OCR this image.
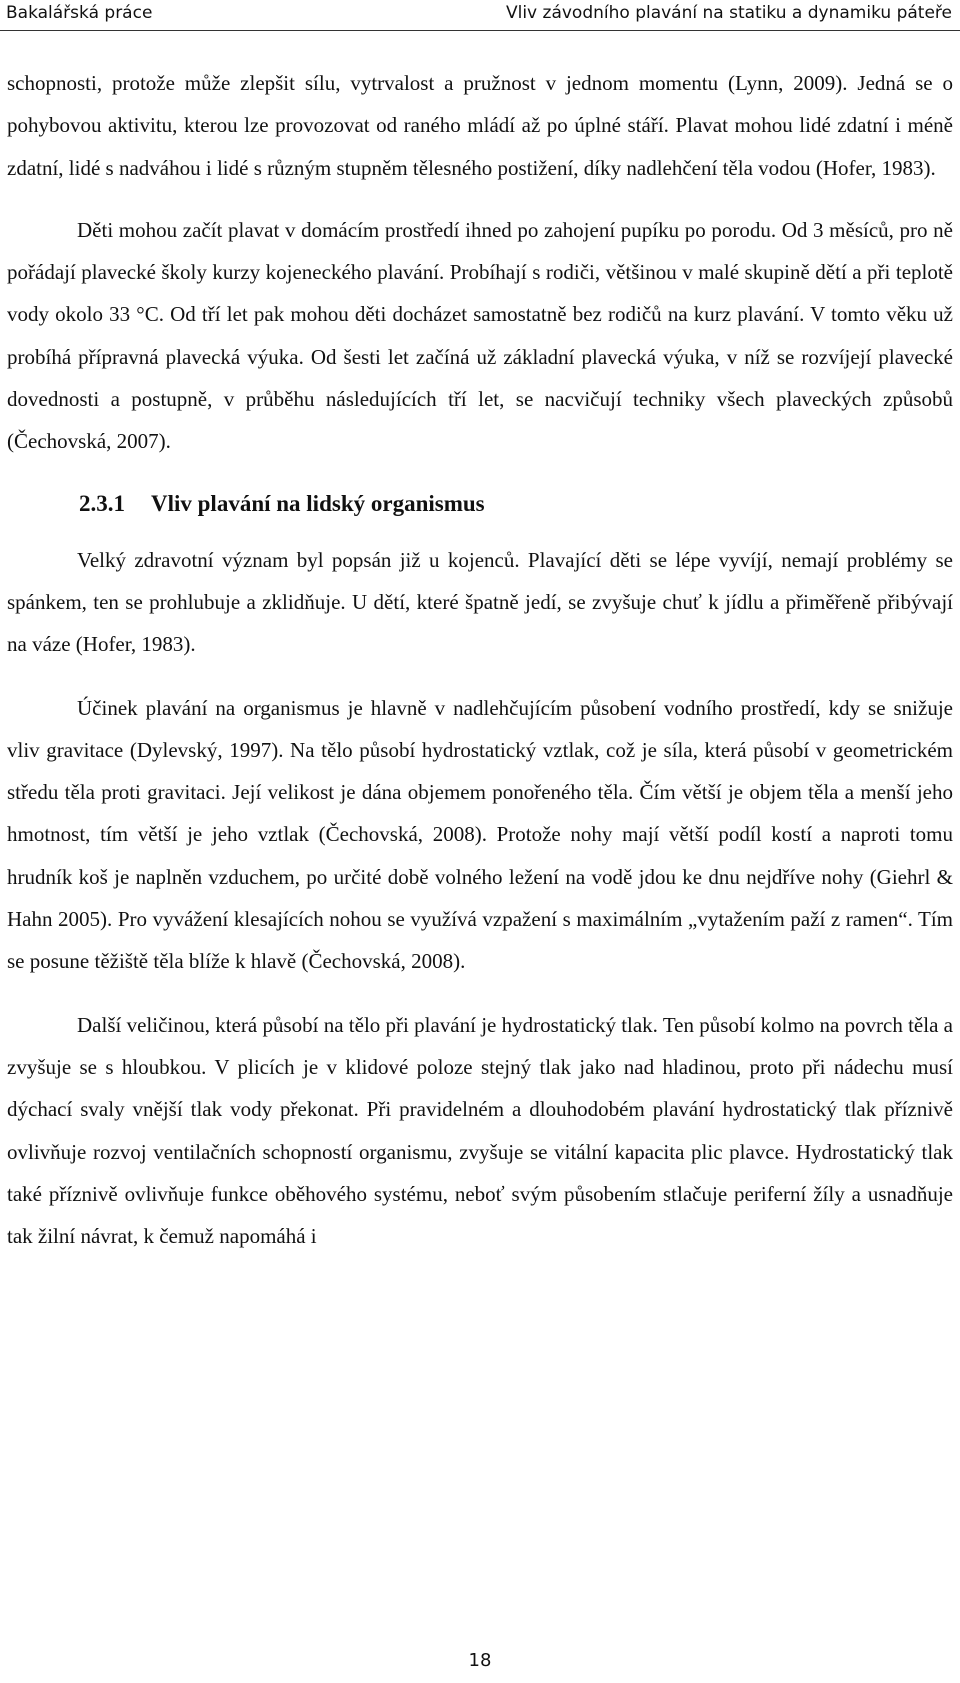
Bakalářská práce	Vliv závodního plavání na statiku a dynamiku páteře

schopnosti, protože může zlepšit sílu, vytrvalost a pružnost v jednom momentu (Lynn, 2009). Jedná se o pohybovou aktivitu, kterou lze provozovat od raného mládí až po úplné stáří. Plavat mohou lidé zdatní i méně zdatní, lidé s nadváhou i lidé s různým stupněm tělesného postižení, díky nadlehčení těla vodou (Hofer, 1983).

Děti mohou začít plavat v domácím prostředí ihned po zahojení pupíku po porodu. Od 3 měsíců, pro ně pořádají plavecké školy kurzy kojeneckého plavání. Probíhají s rodiči, většinou v malé skupině dětí a při teplotě vody okolo 33 °C. Od tří let pak mohou děti docházet samostatně bez rodičů na kurz plavání. V tomto věku už probíhá přípravná plavecká výuka. Od šesti let začíná už základní plavecká výuka, v níž se rozvíjejí plavecké dovednosti a postupně, v průběhu následujících tří let, se nacvičují techniky všech plaveckých způsobů (Čechovská, 2007).

2.3.1 Vliv plavání na lidský organismus

Velký zdravotní význam byl popsán již u kojenců. Plavající děti se lépe vyvíjí, nemají problémy se spánkem, ten se prohlubuje a zklidňuje. U dětí, které špatně jedí, se zvyšuje chuť k jídlu a přiměřeně přibývají na váze (Hofer, 1983).

Účinek plavání na organismus je hlavně v nadlehčujícím působení vodního prostředí, kdy se snižuje vliv gravitace (Dylevský, 1997). Na tělo působí hydrostatický vztlak, což je síla, která působí v geometrickém středu těla proti gravitaci. Její velikost je dána objemem ponořeného těla. Čím větší je objem těla a menší jeho hmotnost, tím větší je jeho vztlak (Čechovská, 2008). Protože nohy mají větší podíl kostí a naproti tomu hrudník koš je naplněn vzduchem, po určité době volného ležení na vodě jdou ke dnu nejdříve nohy (Giehrl & Hahn 2005). Pro vyvážení klesajících nohou se využívá vzpažení s maximálním „vytažením paží z ramen“. Tím se posune těžiště těla blíže k hlavě (Čechovská, 2008).

Další veličinou, která působí na tělo při plavání je hydrostatický tlak. Ten působí kolmo na povrch těla a zvyšuje se s hloubkou. V plicích je v klidové poloze stejný tlak jako nad hladinou, proto při nádechu musí dýchací svaly vnější tlak vody překonat. Při pravidelném a dlouhodobém plavání hydrostatický tlak příznivě ovlivňuje rozvoj ventilačních schopností organismu, zvyšuje se vitální kapacita plic plavce. Hydrostatický tlak také příznivě ovlivňuje funkce oběhového systému, neboť svým působením stlačuje periferní žíly a usnadňuje tak žilní návrat, k čemuž napomáhá i

18
